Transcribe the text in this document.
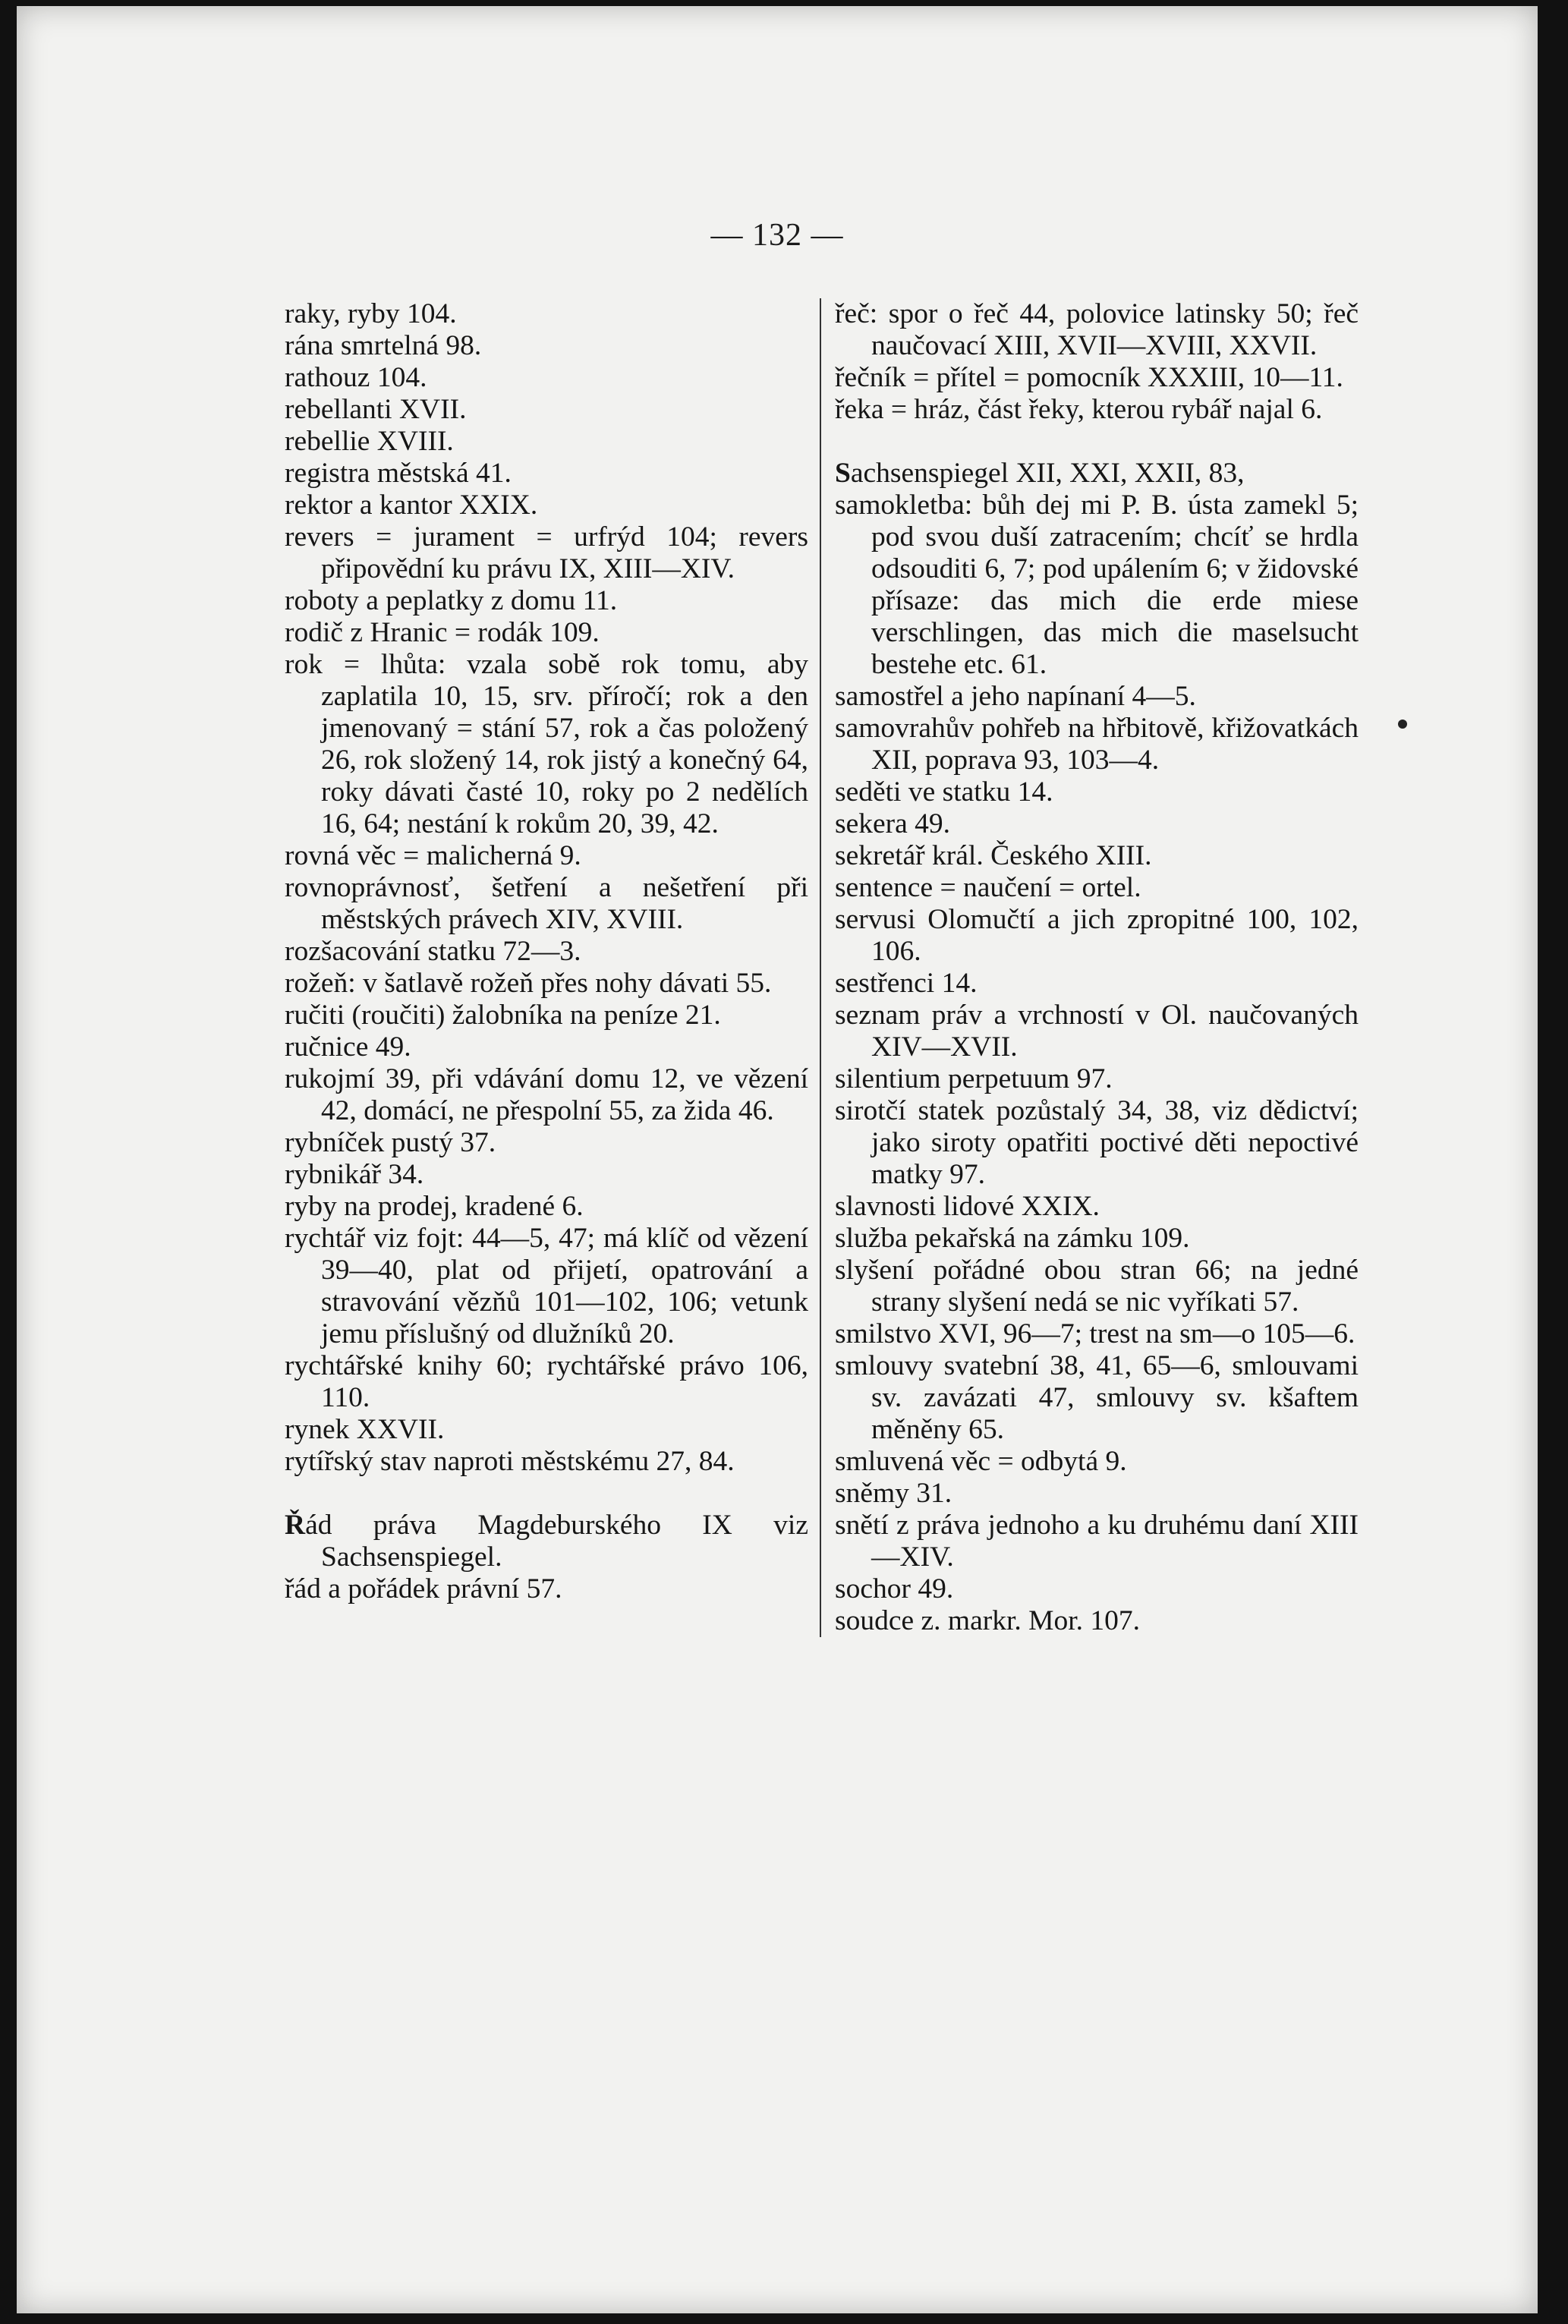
— 132 —
raky, ryby 104.
rána smrtelná 98.
rathouz 104.
rebellanti XVII.
rebellie XVIII.
registra městská 41.
rektor a kantor XXIX.
revers = jurament = urfrýd 104; revers připovědní ku právu IX, XIII—XIV.
roboty a peplatky z domu 11.
rodič z Hranic = rodák 109.
rok = lhůta: vzala sobě rok tomu, aby zaplatila 10, 15, srv. příročí; rok a den jmenovaný = stání 57, rok a čas položený 26, rok složený 14, rok jistý a konečný 64, roky dávati časté 10, roky po 2 nedělích 16, 64; nestání k rokům 20, 39, 42.
rovná věc = malicherná 9.
rovnoprávnosť, šetření a nešetření při městských právech XIV, XVIII.
rozšacování statku 72—3.
rožeň: v šatlavě rožeň přes nohy dávati 55.
ručiti (roučiti) žalobníka na peníze 21.
ručnice 49.
rukojmí 39, při vdávání domu 12, ve vězení 42, domácí, ne přespolní 55, za žida 46.
rybníček pustý 37.
rybnikář 34.
ryby na prodej, kradené 6.
rychtář viz fojt: 44—5, 47; má klíč od vězení 39—40, plat od přijetí, opatrování a stravování vězňů 101—102, 106; vetunk jemu příslušný od dlužníků 20.
rychtářské knihy 60; rychtářské právo 106, 110.
rynek XXVII.
rytířský stav naproti městskému 27, 84.
Řád práva Magdeburského IX viz Sachsenspiegel.
řád a pořádek právní 57.
řeč: spor o řeč 44, polovice latinsky 50; řeč naučovací XIII, XVII—XVIII, XXVII.
řečník = přítel = pomocník XXXIII, 10—11.
řeka = hráz, část řeky, kterou rybář najal 6.
Sachsenspiegel XII, XXI, XXII, 83,
samokletba: bůh dej mi P. B. ústa zamekl 5; pod svou duší zatracením; chcíť se hrdla odsouditi 6, 7; pod upálením 6; v židovské přísaze: das mich die erde miese verschlingen, das mich die maselsucht bestehe etc. 61.
samostřel a jeho napínaní 4—5.
samovrahův pohřeb na hřbitově, křižovatkách XII, poprava 93, 103—4.
seděti ve statku 14.
sekera 49.
sekretář král. Českého XIII.
sentence = naučení = ortel.
servusi Olomučtí a jich zpropitné 100, 102, 106.
sestřenci 14.
seznam práv a vrchností v Ol. naučovaných XIV—XVII.
silentium perpetuum 97.
sirotčí statek pozůstalý 34, 38, viz dědictví; jako siroty opatřiti poctivé děti nepoctivé matky 97.
slavnosti lidové XXIX.
služba pekařská na zámku 109.
slyšení pořádné obou stran 66; na jedné strany slyšení nedá se nic vyříkati 57.
smilstvo XVI, 96—7; trest na sm—o 105—6.
smlouvy svatební 38, 41, 65—6, smlouvami sv. zavázati 47, smlouvy sv. kšaftem měněny 65.
smluvená věc = odbytá 9.
sněmy 31.
snětí z práva jednoho a ku druhému daní XIII—XIV.
sochor 49.
soudce z. markr. Mor. 107.
